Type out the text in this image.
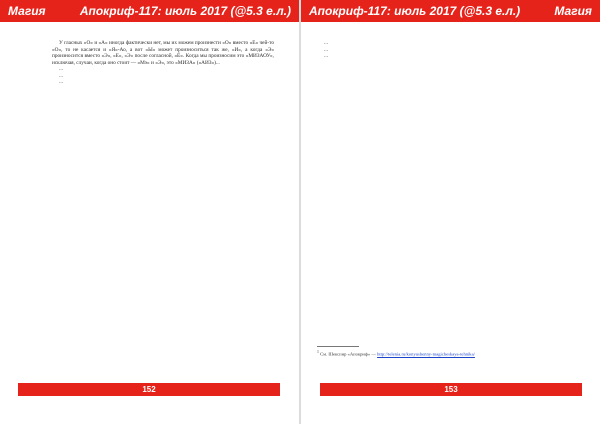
Магия	Апокриф-117: июль 2017 (@5.3 е.л.) Апокриф-117: июль 2017 (@5.3 е.л.)	Магия

У гласных «О» и «А» иногда фактически нет, мы их можем произнести «О» вместо «Е» чей-то «О», то не касается и «Я»-Ао, а вот «Ы» может произноситься так же, «И», а когда «Э» произносится вместо «Э», «Е», «Э» после согласной, «Ё». Когда мы произносим это «МИЗАОУ», исключая, случаи, когда оно стоит — «Мэ» и «Э», это «МИЗА» («АИЗ»)...

...

...

...

...

...

...

$^1$ См. Шекспир «Апокриф» — http://telenia.ru/konyushenny-magicheskaya-tehnika/
152	153
